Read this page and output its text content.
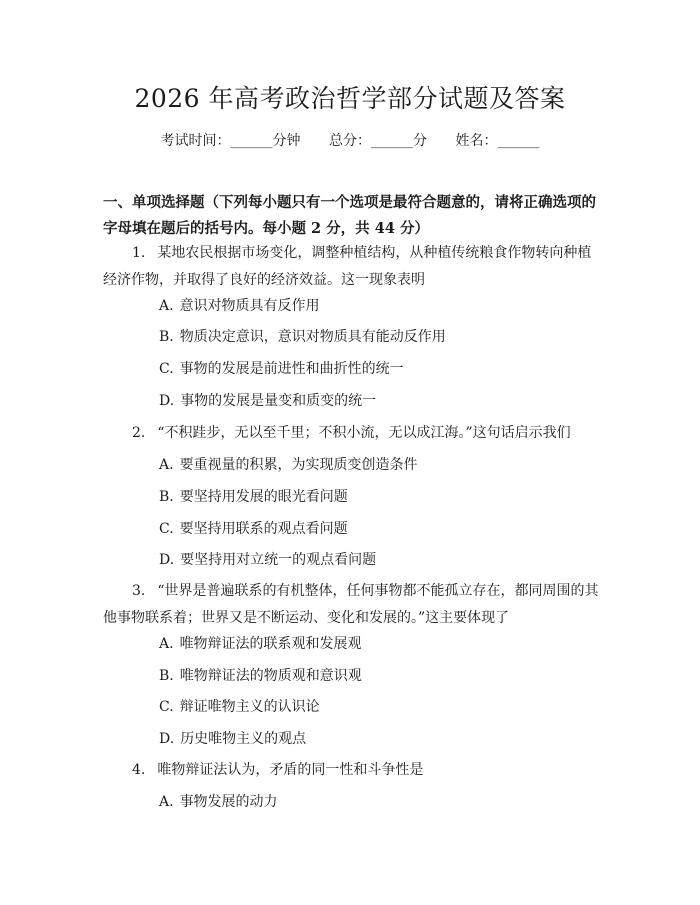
2026 年高考政治哲学部分试题及答案
考试时间：______分钟 总分：______分 姓名：______
一、单项选择题（下列每小题只有一个选项是最符合题意的，请将正确选项的字母填在题后的括号内。每小题 2 分，共 44 分）
1. 某地农民根据市场变化，调整种植结构，从种植传统粮食作物转向种植经济作物，并取得了良好的经济效益。这一现象表明
A. 意识对物质具有反作用
B. 物质决定意识，意识对物质具有能动反作用
C. 事物的发展是前进性和曲折性的统一
D. 事物的发展是量变和质变的统一
2. “不积跬步，无以至千里；不积小流，无以成江海。”这句话启示我们
A. 要重视量的积累，为实现质变创造条件
B. 要坚持用发展的眼光看问题
C. 要坚持用联系的观点看问题
D. 要坚持用对立统一的观点看问题
3. “世界是普遍联系的有机整体，任何事物都不能孤立存在，都同周围的其他事物联系着；世界又是不断运动、变化和发展的。”这主要体现了
A. 唯物辩证法的联系观和发展观
B. 唯物辩证法的物质观和意识观
C. 辩证唯物主义的认识论
D. 历史唯物主义的观点
4. 唯物辩证法认为，矛盾的同一性和斗争性是
A. 事物发展的动力
